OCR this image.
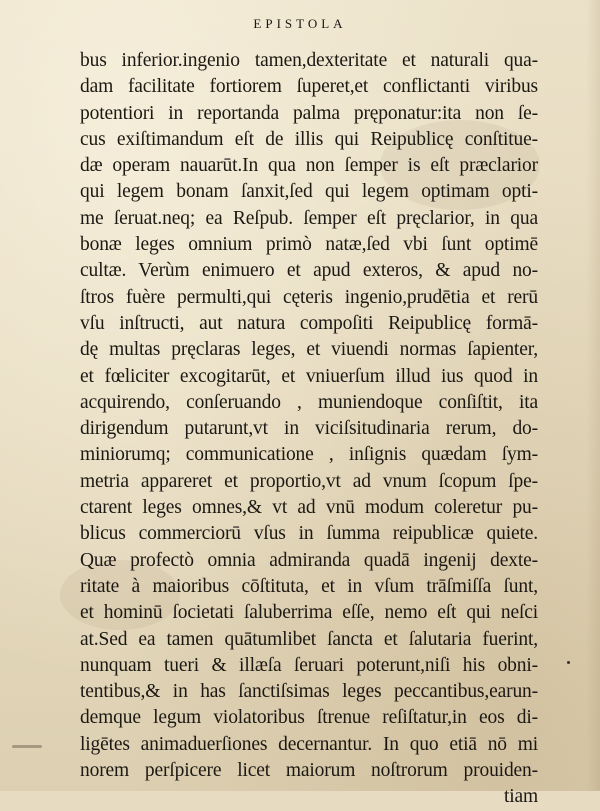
EPISTOLA
bus inferior.ingenio tamen,dexteritate et naturali qua-
dam facilitate fortiorem ſuperet,et conflictanti viribus
potentiori in reportanda palma pręponatur:ita non ſe-
cus exiſtimandum eſt de illis qui Reipublicę conſtitue-
dæ operam nauarūt.In qua non ſemper is eſt præclarior
qui legem bonam ſanxit,ſed qui legem optimam opti-
me ſeruat.neq; ea Reſpub. ſemper eſt pręclarior, in qua
bonæ leges omnium primò natæ,ſed vbi ſunt optimē
cultæ. Verùm enimuero et apud exteros, & apud no-
ſtros fuère permulti,qui cęteris ingenio,prudētia et rerū
vſu inſtructi, aut natura compoſiti Reipublicę formā-
dę multas pręclaras leges, et viuendi normas ſapienter,
et fœliciter excogitarūt, et vniuerſum illud ius quod in
acquirendo, conſeruando , muniendoque conſiſtit, ita
dirigendum putarunt,vt in viciſsitudinaria rerum, do-
miniorumq; communicatione , inſignis quædam ſym-
metria appareret et proportio,vt ad vnum ſcopum ſpe-
ctarent leges omnes,& vt ad vnū modum coleretur pu-
blicus commerciorū vſus in ſumma reipublicæ quiete.
Quæ profectò omnia admiranda quadā ingenij dexte-
ritate à maioribus cōſtituta, et in vſum trāſmiſſa ſunt,
et hominū ſocietati ſaluberrima eſſe, nemo eſt qui neſci
at.Sed ea tamen quātumlibet ſancta et ſalutaria fuerint,
nunquam tueri & illæſa ſeruari poterunt,niſi his obni-
tentibus,& in has ſanctiſsimas leges peccantibus,earun-
demque legum violatoribus ſtrenue reſiſtatur,in eos di-
ligētes animaduerſiones decernantur. In quo etiā nō mi
norem perſpicere licet maiorum noſtrorum prouiden-
tiam
